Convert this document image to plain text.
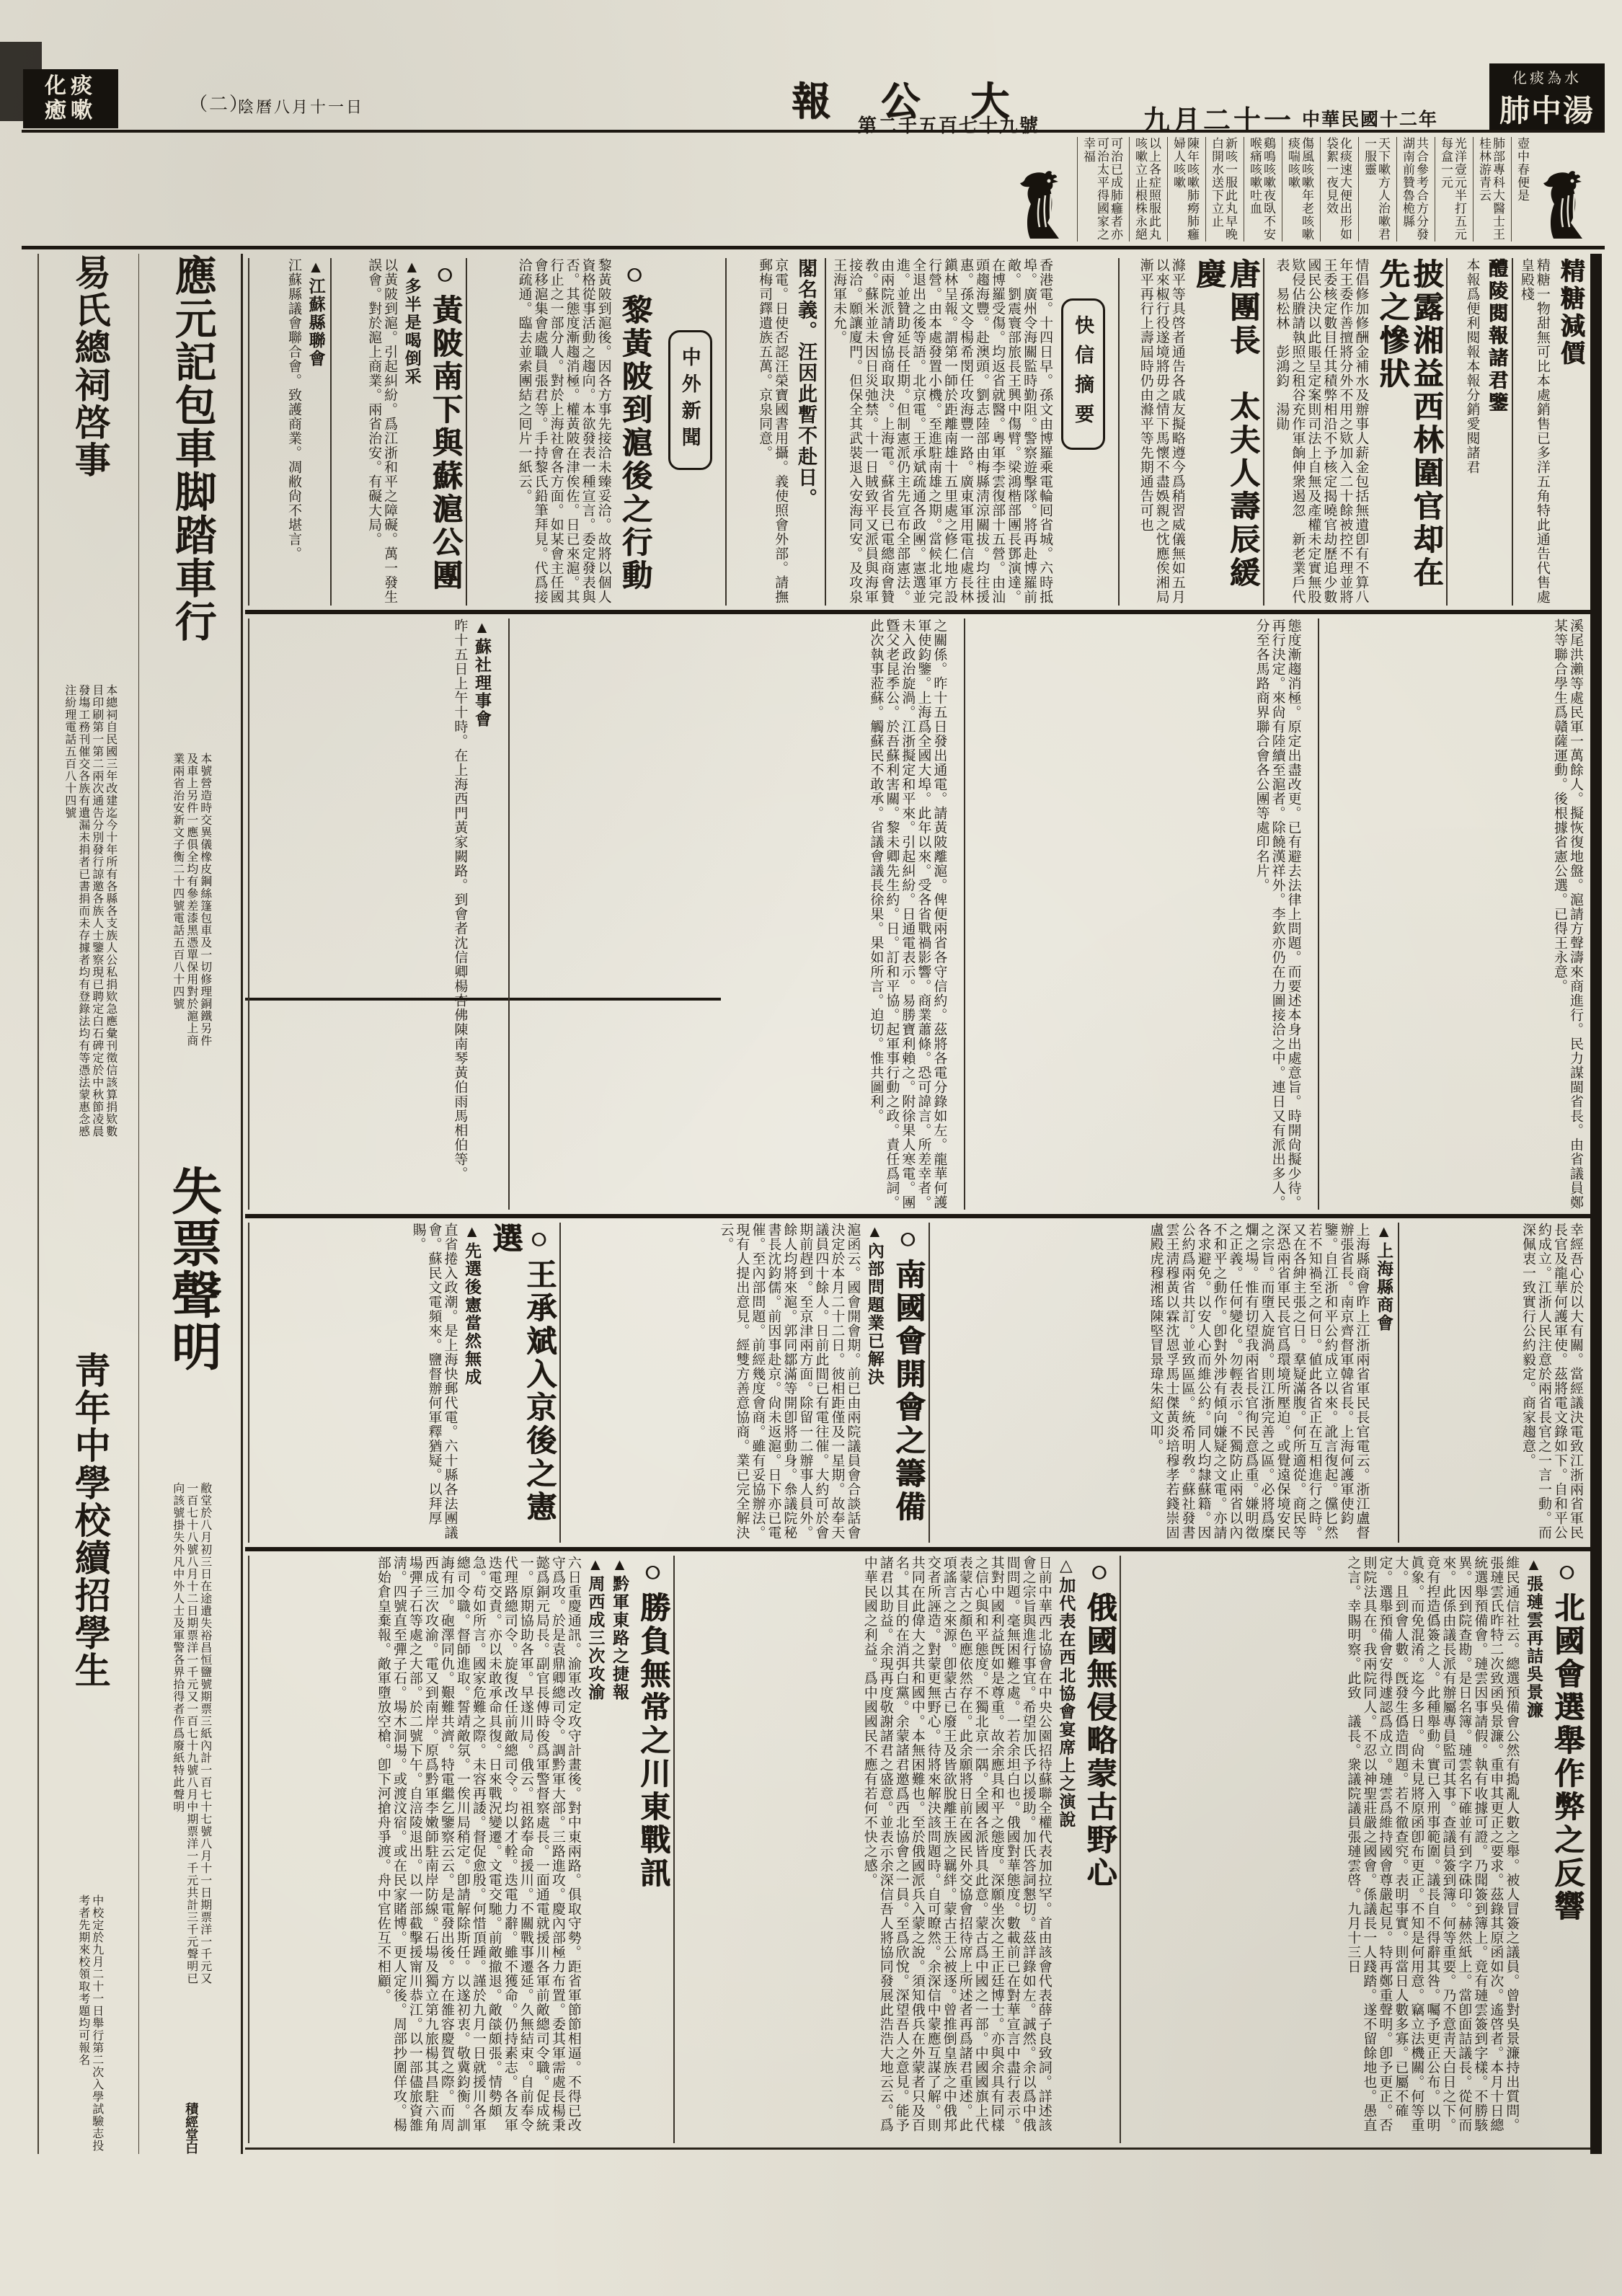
化痰
癒嗽	（二）
陰曆八月十一日	報 公 大
第二千五百七十九號	九月二十一 中華民國十二年
化痰為水
肺中湯
壺中春便是
肺部專科大醫士王桂林游青云
光洋壹元半打五元每盒一元
共合參考合方分發湖南前贊魯桅縣
天下嗽方人治嗽君一服靈
化痰速大便出形如袋絮一夜見效
傷風咳嗽年老咳嗽痰喘咳嗽
鷄鳴咳嗽夜臥不安喉痛咳嗽吐血
新咳一服此丸早晚白開水送下立止
陳年咳嗽肺癆肺癰婦人咳嗽
以上各症照服此丸咳嗽立止根株永絕
可治已成肺癰者亦可治太平得國家之幸福
易氏總祠啓事
本總祠自民國三年改建迄今十年所有各縣各支族人公私捐欵急應彙刊徵信該算捐欵數目印刷第一第二兩次通告分別發行諒邀各族人士鑒察現已聘定白石碑定於中秋節凌晨發塲工務刊催交各族有遺漏未捐者已書捐而未存據者均有登錄法均有等憑法蒙惠念慼注紛理電話五百八十四號
靑年中學校續招學生
中校定於九月二十一日舉行第二次入學試驗志投考者先期來校領取考題均可報名
應元記包車脚踏車行
本號營造時交異儀橡皮鋼絲篷包車及一切修理銅鐵另件及車上另件一應俱全均有參差漆黑憑單保用對於滬上商業兩省治安新文子衡二十四號電話五百八十四號
失票聲明
敝堂於八月初三日在途遺失裕昌恒鹽號期票三紙內計一百七十七號八月十一日期票洋一千元又一百七十八號八月十二日期票洋一千元又一百七十九號八月中期票洋一千元共計三千元聲明已向該號掛失外凡中外人士及軍警各界拾得者作爲廢紙特此聲明
積經堂白
精糖減價
精糖一物甜無可比本處銷售已多洋五角特此通告代售處皇殿棧
醴陵閱報諸君鑒
本報爲便利閱報本報分銷愛閱諸君
披露湘益西林圍官却在先之慘狀
情倡修加修酬金補水及辦事人薪金包括無遺卽有不算八年王委作善擅將分外不用之欵加入二十餘被控不理並將王委核定數目任其積弊相沿不予核定揭曉官劫歷追少數國民公決以此賬呈定案則司法上自無及產權未定實無股欵侵佔賸請執照之租谷充作軍餉伸衆遏忽　新老業戶代表　易松林　彭鴻鈞　湯勛
唐團長　太夫人壽辰緩慶
滌平等具啓者通告各戚友擬略遵今爲稍習威儀無如五月以來椒行役遂境將毋之情下馬懷不盡娛親之忱應俟湘局漸平再行上壽屆時仍由滌平等先期通告可也
快信摘要
香港電。十四日早。孫文由博羅乘電輪囘省城。六時抵埠。廣州令海關監時勤阻。警察遊擊隊。將再赴博羅前敵。劉震寰部旅長王興中傷臂。梁鴻楷部團長鄧演達。在博羅受傷。均返省就醫。粵軍李雲復部十五營。由汕頭趨海豐。赴澳頭。劉志陸部由梅縣淸涼關拔。均往援惠。孫文令楊希閔任攻海豐一路。廣東軍用電信處長林鎭林呈報。謂第一師於距離南雄十五里處之修仁地方設行營。由本處發置小機。至進駐南雄之期。當候北軍完全退出之後等語。北京電。王承斌疏通各政團。憲選並進。並贊助延長任期。但制憲派仍主先宣布全部憲法。由兩院派請會協商取決。上海電。蘇省長已電總商會贊敎。蘇米並未因日災弛禁。十一日賊致平又派員與海軍接洽。願讓廈門。但保全其武裝退入安海同安。及攻泉王海軍未允。
閣名義。汪因此暫不赴日。
京電。日使否認汪榮寶國書用攝。義使照會外部。請撫郵梅司鐸遺族五萬。京泉同意。
中外新聞
○黎黃陂到滬後之行動
黎黃陂到滬後。因各方事先接洽未臻妥洽。故將以個人資格從事活動之趨向。本欲發表一種宣言。委定發表與否。其態度漸趨消極。權黃陂在津俟佐。日已來滬。其行止之一部分人。對於上海社會各方面。如某會主任國會移滬集會處職員張君等。手持黎氏鉛筆拜見。代爲接洽疏通。臨去並索團結之囘片一紙云。
○黃陂南下與蘇滬公團
▲多半是喝倒采
以黃陂到滬。引起糾紛。爲江浙和平之障礙。萬一發生誤會。對於滬上商業。兩省治安。有礙大局。
▲江蘇縣聯會
江蘇縣議會聯合會。致護商業。凋敝尙不堪言。
溪尾洪瀨等處民軍一萬餘人。擬恢復地盤。滬請方聲濤來商進行。民力謀閩省長。由省議員鄭某等聯合學生爲贛薩運動。後根據省憲公選。已得王永意。
態度漸趨消極。原定出盡改更。已有避去法律上問題。而要述本身出處意旨。時開尙擬少待。再行決定。來尙有陸續至滬者。除饒漢祥外。李欽亦仍在力圖接洽之中。連日又有派出多人。分至各馬路商界聯合會各公團等處印名片。
之關係。昨十五日發出通電。請黃陂離滬。俾便兩省各守信約。茲將各電分錄如左。龍華何護軍使鈞鑒。上海爲全國大埠。此年以來。受各省戰禍影響。商業蕭條。恐可諱言。所差幸者。未入政治旋渦。江浙擬定和平來。引起糾紛。日通電表示。易勝寶利賴之。附徐果人寒電。團曁父老昆季公。於吾蘇利害關。黎未卿先生約。日。訂和平協。起軍事行動之政。責任爲詞。此次執事蒞蘇。觸蘇民不敢承。省議會議長徐果。果如所言。迫切。惟共圖利。
▲蘇社理事會
昨十五日上午十時。在上海西門黃家闕路。到會者沈信卿楊杏佛陳南琴黃伯雨馬相伯等。
幸經吾心於以大有關。當經議決電致江浙兩省軍民長官及龍華何護軍使。茲將電文錄如下。自和平公約成立。江浙人民注意於兩省長官之一言一動。而深佩衷一致實行公約毅定。商家趨意。
▲上海縣商會
上海縣商會昨上江浙兩省軍民長官電云。浙江盧督辦張省長。南京齊督軍韓省長。上海何護軍使鈞鑒。自江浙和平公約成立以來。訛言復起。儻匕然若不知禍至之何日。値此各省正在互相進行之時。又在各紳主張之日。羣疑滿腹。何所適從。商民等深恐兩省軍民長官爲環境所壓迫。或覺遠保境安民之宗旨。而墮入旋渦。則江浙完善之區。必將爲糜爛之場。惟有切望我兩省長官徇民意爲重。嫌明徵之正義。任何變化。勿輕表示。不獨防止兩省以內不和平之動作。卽對外涉有傾向嫌疑之文電。亦請各求避免。以安人心而維公約。同人均隸蘇籍。因公約爲兩省共訂。並致區區。統希明敎。蘇社發書雲王淸穆黃以霖沈恩孚馬士傑黃炎培穆孝若錢崇固盧殿虎穆湘瑤陳堅冒景瑋朱紹文叩。
○南國會開會之籌備
▲內部問題業已解決
滬函云。國會開會期。前已由兩院議員會合談話會決定於本月二十二日。彼相距僅及一星期。故奉天議員四十餘人。日前此間已有電往催。大約可於會期前趕到。至京津兩方面。除留一二辦事人員外。餘人均將來滬。郭同鄒滿等開卽將動身。叅議院秘書長沈鈞儒。前因事赴京。尙未返滬。日下亦已電催。至內部問題。前經幾度會商。雖有妥協辦法。現有人提出意見。經雙方善意協商。業已完全解決云。
○王承斌入京後之憲選
▲先選後憲當然無成
直省捲入政潮。是上海快郵代電。六十縣各法團議會。蘇民文電頻來。鹽督辦何軍釋猶疑。以拜厚賜。
○北國會選舉作弊之反響
▲張璉雲再詰吳景濂
維民通信社云。總選預備會公然有搗亂人數之舉。被人冒簽之議員。曾對吳景濂持出質問。張璉雲氏昨特二次致函吳景濂。重申其更正之要求。茲錄其原函如次。遙啓者。本月十日總統選舉預備會。璉雲因事請假。執有收據可證。乃聞簽到簿上。竟有璉雲簽到字樣。不勝駭異。因到院查勘。是日名簿。璉雲名下確並有到字硃印。赫然紙上。當卽面詰議長。從何而來。此係由議長派有辦屬專員監司其事。查議員簽到簿。何等重要。乃不意靑天白日之下。竟有揑造僞簽之人。此種舉動。實已入刑事範圍。議長自不得辭其咎。囑予更正公布。以明眞象。而免混淆。迄今多日。尙未見將原函卽布更正。不知是何用意。竊立法機關。何等重大。且到會人數。旣發生僞造問題。若不徹查究。表明事實。則當日人數多寡。已屬不確定。選舉預備會安得遽認爲成立。璉雲爲維持國會尊嚴起見。特再鄭重聲明。卽予更正。否則院法具在。我兩院同人。不忍以神聖莊嚴之國會。係議長一人踐踏。遂不留餘地也。愚直之言。幸賜明察。此致　議長。衆議院議員張璉雲啓。九月十三日
○俄國無侵略蒙古野心
△加代表在西北協會宴席上之演說
日前中華西北協會在中央公園招待蘇聯全權代表加拉罕。首由該會代表薛子良致詞。詳述該會之宗旨與進行事宜。希望加氏予以援助。加氏答詞懇切。茲詳錄如左。誠然。余以爲中俄間問題。毫無困難之處。一若余坦白也。俄國對華態度。數載前已在對華宣言中盡行表示。其對中國利益旣如是尊重。故余應具和平之態度。深願坐次之王正廷博士。亦與余具有同樣之信心與和平態度。不獨北京一隅。全國各派皆具此意。蒙古爲中國之一部。中國國旗上代表蒙古之顏色應依然存在。此余願將日前在國民外交協會招待席上所述者再爲諸君重述。此項謠言之來源。卽蒙古已廢王及皆欲脫離王族之羈絆。蒙古王公被逐。曾推倒皇族之中俄邦交者所誣造。對蒙更無野心。待將來解決該問題時。自可瞭然。余深信中蒙應互謀了解。則共同在此偉大之共和國中。本無困難也。至於俄國派兵入蒙之說。須知俄兵在外蒙者只及百名。其目的在消弭白黨。余蒙諸君邀爲西北協會之一員。至爲欣悅。深望吾人之意見。能予諸君以助益。余現再度敬謝諸君之盛意。並表示余深信吾人將協同發展此浩浩大地云云。爲中華民國之利益。爲中國國民不應有若何不快之感。
○勝負無常之川東戰訊
▲黔軍東路之捷報
▲周西成三次攻渝
六日重慶通訊。渝軍改定攻守計畫後。對中東兩路。俱取守勢。距省軍節節相逼。不得已改守爲攻。於是袁鼎卿總司令。調黔軍大部。三路進攻。慶內部極力布置。委其軍需處長楊秉懿爲銅元局長。副官長傅時俊爲軍警督察處長。一面通電就援川各軍前敵總司令職。促成統一。原期協助各軍。早遂川局。俄云。祖銘奉命援川。不關戰事遷延。久無結束。自前奉令代理路總司令。旋復改任前敵總司令。均以才輇。迭電力辭。雖不獲命。仍持素志。各友軍迭電交責。亦以未敢承命具復。日來戰況變遷。文電交馳。前敵撤退。敵燄頗張。情勢頗急。苟如所言。國家危難之際。未容再諉。督促愈殷。何惜頂踵。謹於九月一日就援川各軍總司令職。督師進取。誓靖敵氛。一俟川局稍定。卽請解除斯任。以遂初衷。敬冀鈞衡。訓誨有加。砲澤同仇。艱難共濟。特電繼乞鑒察云云。是電發出後。方在雒容慶賀之際。而周西成三次攻渝。電又到南岸。原爲黔軍李嫩師駐南岸防線。石場及獨立第九旅楊其昌駐六角場彈子石等處之大部。於二號下午。自涪陵退出。以一部截擊援甯川恭江。以一部儘旅資雒淸。四號直至彈子石。場木洞場。或渡汶宿。或在民家賭博。更人定後。周部抄圍佯攻。楊部始倉皇棄報。敵軍墮放空槍。卽下河搶舟爭渡。舟中官佐互不相顧。
